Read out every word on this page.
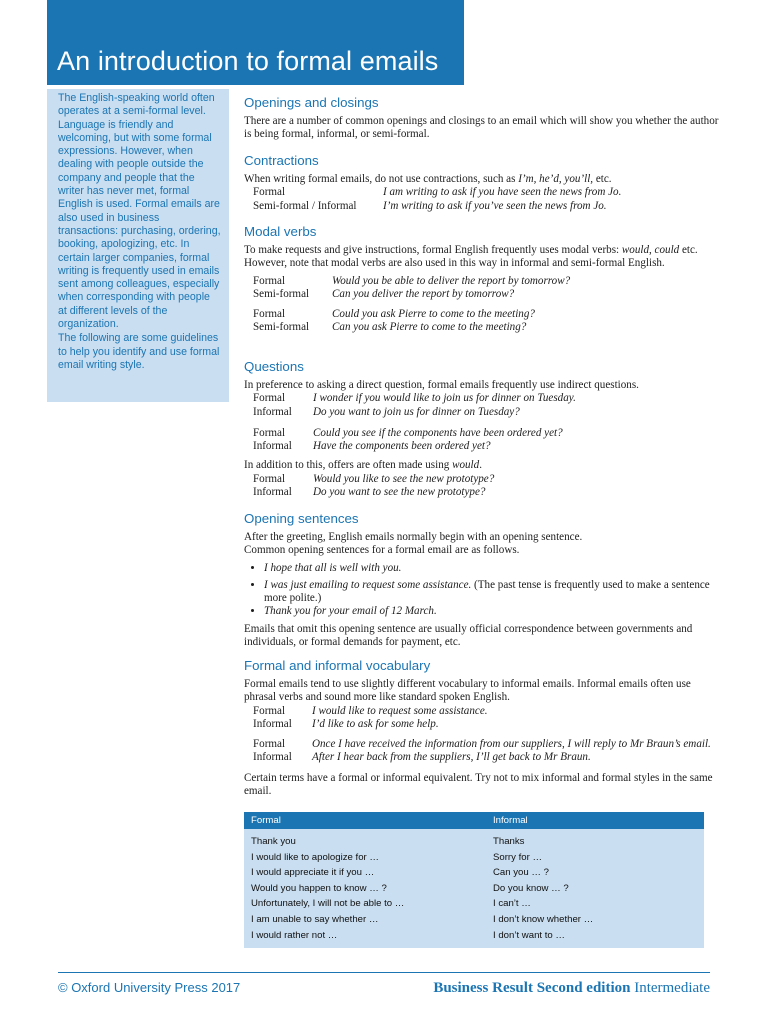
An introduction to formal emails

The English-speaking world often operates at a semi-formal level. Language is friendly and welcoming, but with some formal expressions. However, when dealing with people outside the company and people that the writer has never met, formal English is used. Formal emails are also used in business transactions: purchasing, ordering, booking, apologizing, etc. In certain larger companies, formal writing is frequently used in emails sent among colleagues, especially when corresponding with people at different levels of the organization.

The following are some guidelines to help you identify and use formal email writing style.

Openings and closings

There are a number of common openings and closings to an email which will show you whether the author is being formal, informal, or semi-formal.

Contractions

When writing formal emails, do not use contractions, such as I’m, he’d, you’ll, etc.

Formal	I am writing to ask if you have seen the news from Jo.
Semi-formal / Informal	I’m writing to ask if you’ve seen the news from Jo.
Modal verbs

To make requests and give instructions, formal English frequently uses modal verbs: would, could etc. However, note that modal verbs are also used in this way in informal and semi-formal English.

Formal	Would you be able to deliver the report by tomorrow?
Semi-formal	Can you deliver the report by tomorrow?
Formal	Could you ask Pierre to come to the meeting?
Semi-formal	Can you ask Pierre to come to the meeting?
Questions

In preference to asking a direct question, formal emails frequently use indirect questions.

Formal	I wonder if you would like to join us for dinner on Tuesday.
Informal	Do you want to join us for dinner on Tuesday?
Formal	Could you see if the components have been ordered yet?
Informal	Have the components been ordered yet?

In addition to this, offers are often made using would.

Formal	Would you like to see the new prototype?
Informal	Do you want to see the new prototype?
Opening sentences

After the greeting, English emails normally begin with an opening sentence.

Common opening sentences for a formal email are as follows.

• I hope that all is well with you.
• I was just emailing to request some assistance. (The past tense is frequently used to make a sentence more polite.)
• Thank you for your email of 12 March.

Emails that omit this opening sentence are usually official correspondence between governments and individuals, or formal demands for payment, etc.

Formal and informal vocabulary

Formal emails tend to use slightly different vocabulary to informal emails. Informal emails often use phrasal verbs and sound more like standard spoken English.

Formal	I would like to request some assistance.
Informal	I’d like to ask for some help.
Formal	Once I have received the information from our suppliers, I will reply to Mr Braun’s email.
Informal	After I hear back from the suppliers, I’ll get back to Mr Braun.

Certain terms have a formal or informal equivalent. Try not to mix informal and formal styles in the same email.

Formal	Informal
Thank you	Thanks
I would like to apologize for …	Sorry for …
I would appreciate it if you …	Can you … ?
Would you happen to know … ?	Do you know … ?
Unfortunately, I will not be able to …	I can’t …
I am unable to say whether …	I don’t know whether …
I would rather not …	I don’t want to …
© Oxford University Press 2017	Business Result Second edition Intermediate
